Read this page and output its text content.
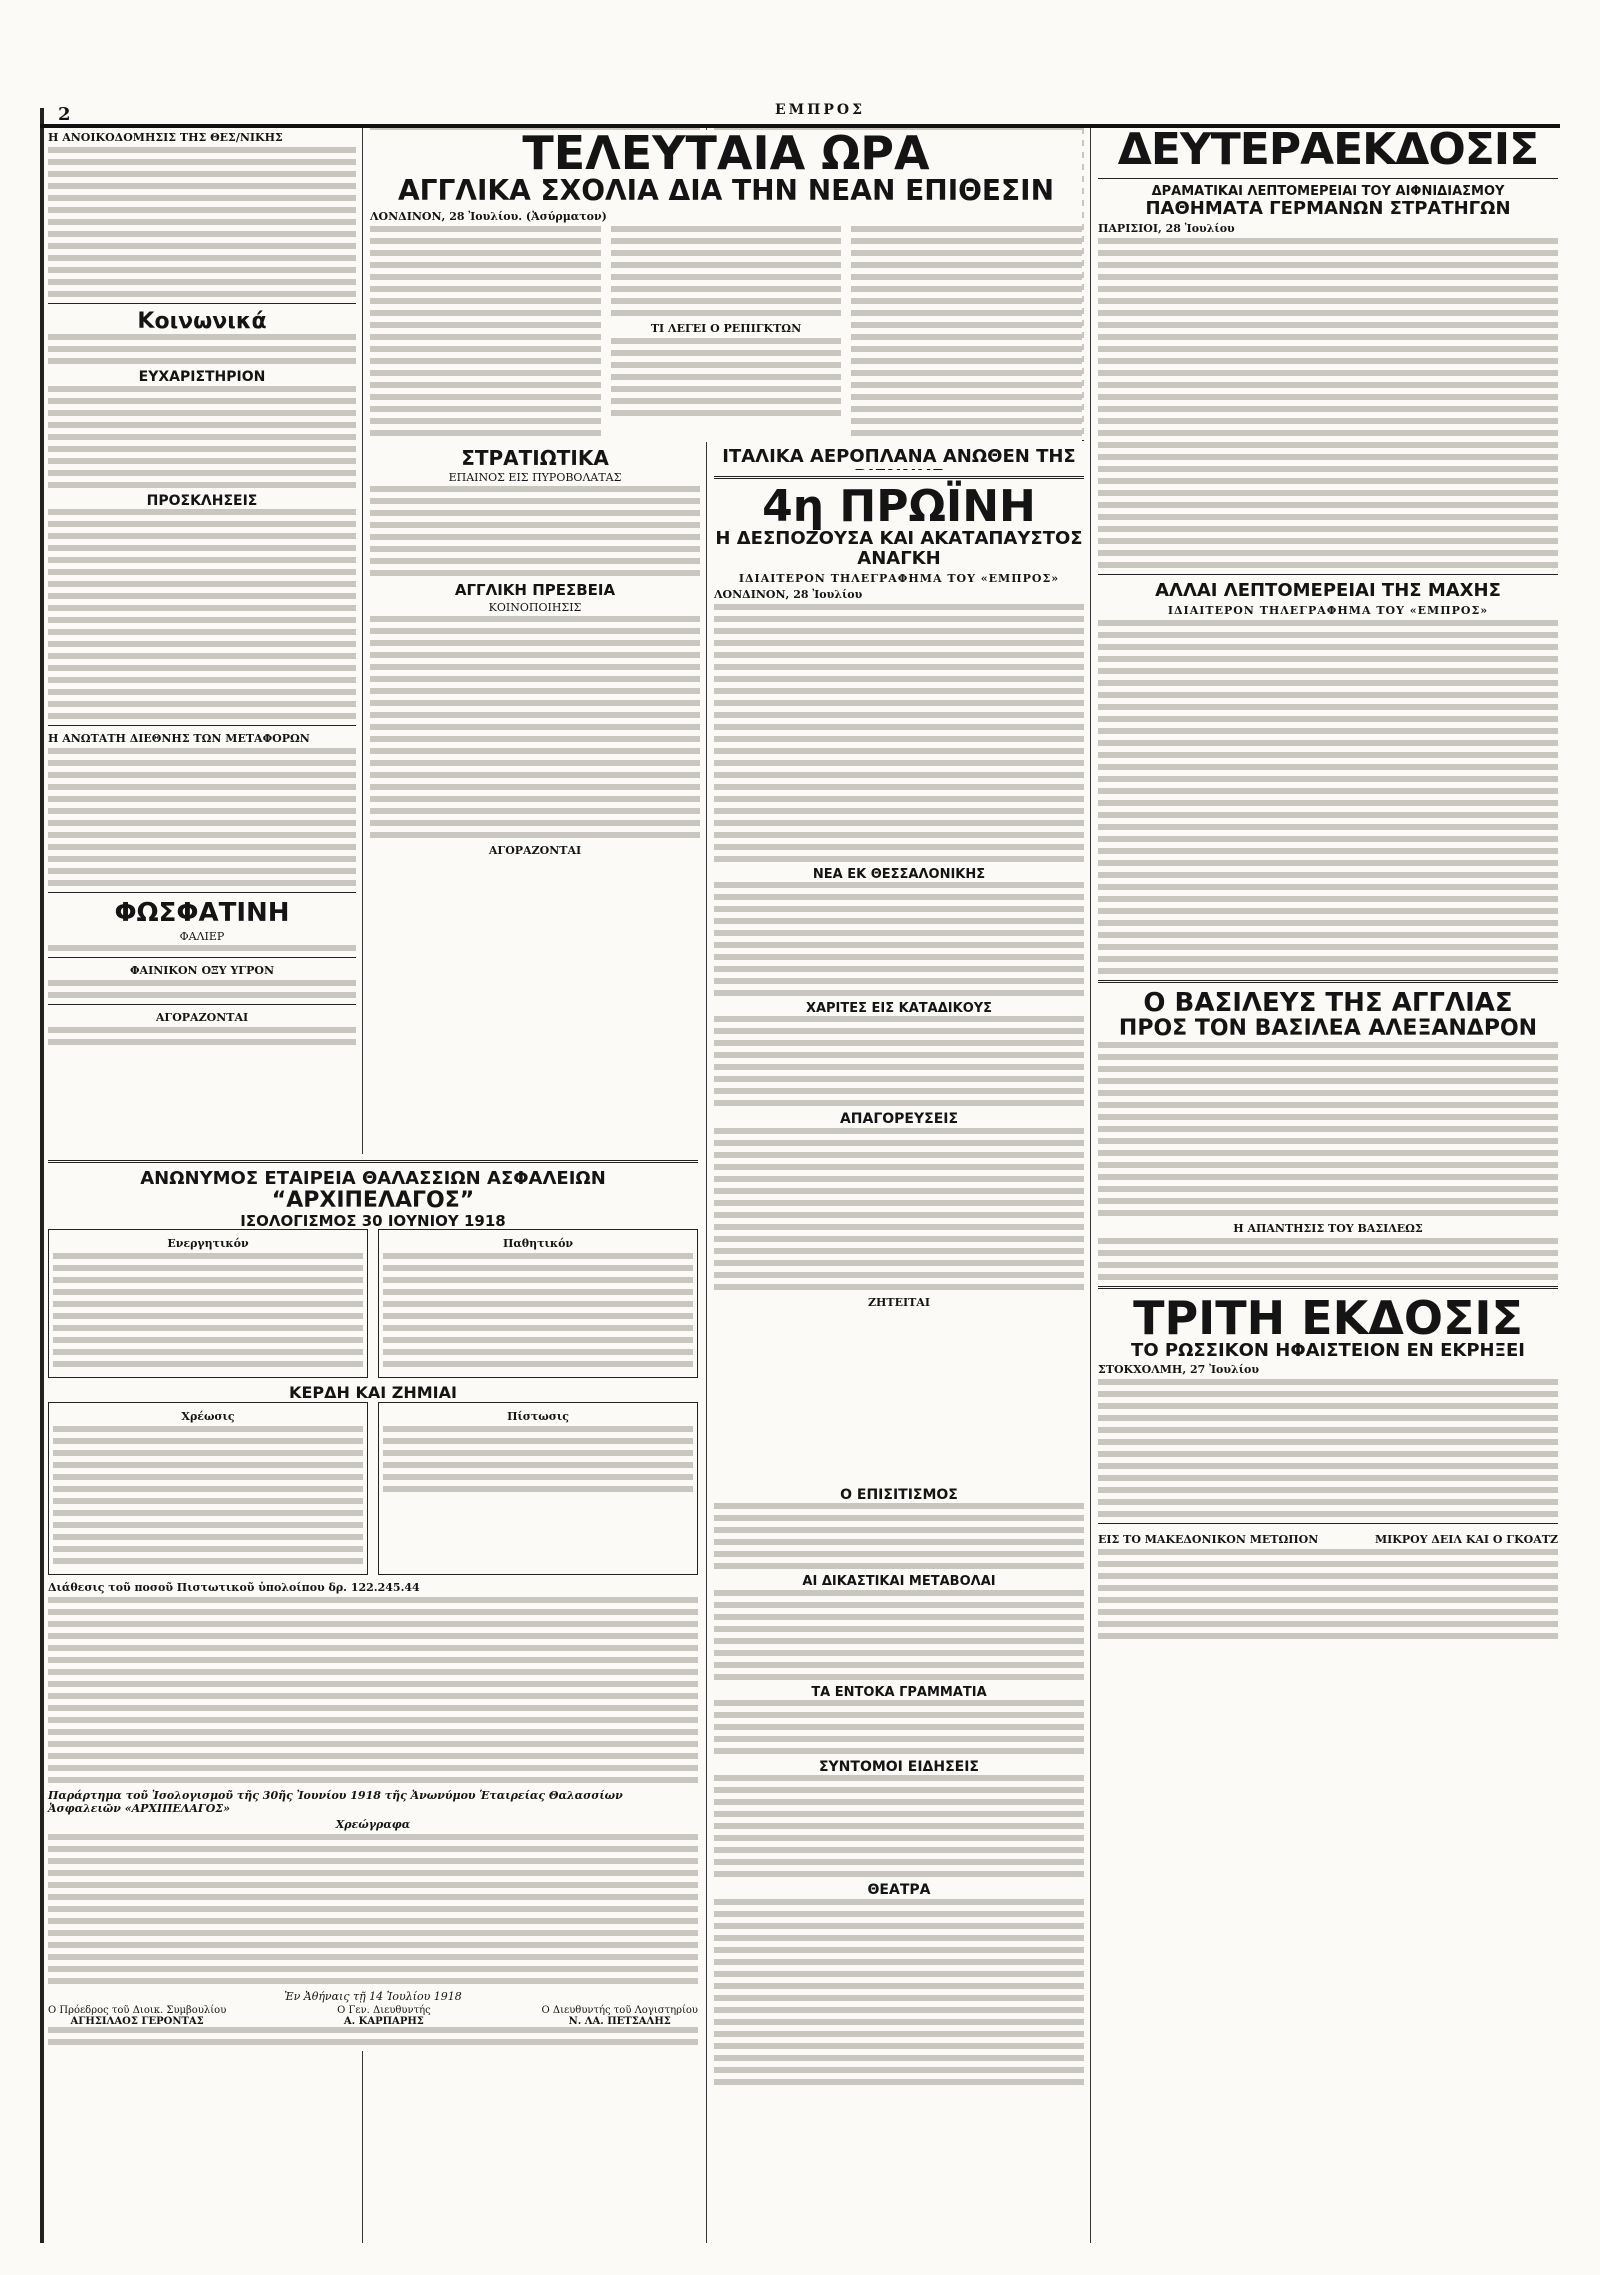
2	ΕΜΠΡΟΣ
Η ΑΝΟΙΚΟΔΟΜΗΣΙΣ ΤΗΣ ΘΕΣ/ΝΙΚΗΣ
Κοινωνικά
ΕΥΧΑΡΙΣΤΗΡΙΟΝ
ΠΡΟΣΚΛΗΣΕΙΣ
Η ΑΝΩΤΑΤΗ ΔΙΕΘΝΗΣ ΤΩΝ ΜΕΤΑΦΟΡΩΝ
ΦΩΣΦΑΤΙΝΗ
ΦΑΛΙΕΡ
ΦΑΙΝΙΚΟΝ ΟΞΥ ΥΓΡΟΝ
ΑΓΟΡΑΖΟΝΤΑΙ
ΣΤΡΑΤΙΩΤΙΚΑ
ΕΠΑΙΝΟΣ ΕΙΣ ΠΥΡΟΒΟΛΑΤΑΣ
ΑΓΓΛΙΚΗ ΠΡΕΣΒΕΙΑ
ΚΟΙΝΟΠΟΙΗΣΙΣ
ΑΓΟΡΑΖΟΝΤΑΙ
ΙΤΑΛΙΚΑ ΑΕΡΟΠΛΑΝΑ ΑΝΩΘΕΝ ΤΗΣ
ΝΕΑ ΕΚ ΘΕΣΣΑΛΟΝΙΚΗΣ
ΧΑΡΙΤΕΣ ΕΙΣ ΚΑΤΑΔΙΚΟΥΣ
ΑΠΑΓΟΡΕΥΣΕΙΣ
ΖΗΤΕΙΤΑΙ
ΔΕΥΤΕΡΑΕΚΔΟΣΙΣ
ΔΡΑΜΑΤΙΚΑΙ ΛΕΠΤΟΜΕΡΕΙΑΙ ΤΟΥ ΑΙΦΝΙΔΙΑΣΜΟΥ
ΠΑΘΗΜΑΤΑ ΓΕΡΜΑΝΩΝ ΣΤΡΑΤΗΓΩΝ
ΠΑΡΙΣΙΟΙ, 28 Ἰουλίου
ΑΛΛΑΙ ΛΕΠΤΟΜΕΡΕΙΑΙ ΤΗΣ ΜΑΧΗΣ
ΙΔΙΑΙΤΕΡΟΝ ΤΗΛΕΓΡΑΦΗΜΑ ΤΟΥ «ΕΜΠΡΟΣ»
Ο ΒΑΣΙΛΕΥΣ ΤΗΣ ΑΓΓΛΙΑΣ
ΠΡΟΣ ΤΟΝ ΒΑΣΙΛΕΑ ΑΛΕΞΑΝΔΡΟΝ
Η ΑΠΑΝΤΗΣΙΣ ΤΟΥ ΒΑΣΙΛΕΩΣ
ΤΡΙΤΗ ΕΚΔΟΣΙΣ
ΤΟ ΡΩΣΣΙΚΟΝ ΗΦΑΙΣΤΕΙΟΝ ΕΝ ΕΚΡΗΞΕΙ
ΣΤΟΚΧΟΛΜΗ, 27 Ἰουλίου
ΕΙΣ ΤΟ ΜΑΚΕΔΟΝΙΚΟΝ ΜΕΤΩΠΟΝ	ΜΙΚΡΟΥ ΔΕΙΛ ΚΑΙ Ο ΓΚΟΑΤΖ
ΤΕΛΕΥΤΑΙΑ ΩΡΑ
ΑΓΓΛΙΚΑ ΣΧΟΛΙΑ ΔΙΑ ΤΗΝ ΝΕΑΝ ΕΠΙΘΕΣΙΝ
ΛΟΝΔΙΝΟΝ, 28 Ἰουλίου. (Ἀσύρματον)
ΤΙ ΛΕΓΕΙ Ο ΡΕΠΙΓΚΤΩΝ
4η ΠΡΩΪΝΗ
Η ΔΕΣΠΟΖΟΥΣΑ ΚΑΙ ΑΚΑΤΑΠΑΥΣΤΟΣ ΑΝΑΓΚΗ
ΙΔΙΑΙΤΕΡΟΝ ΤΗΛΕΓΡΑΦΗΜΑ ΤΟΥ «ΕΜΠΡΟΣ»
ΛΟΝΔΙΝΟΝ, 28 Ἰουλίου
ΑΝΩΝΥΜΟΣ ΕΤΑΙΡΕΙΑ ΘΑΛΑΣΣΙΩΝ ΑΣΦΑΛΕΙΩΝ
“ΑΡΧΙΠΕΛΑΓΟΣ”
ΙΣΟΛΟΓΙΣΜΟΣ 30 ΙΟΥΝΙΟΥ 1918
Ενεργητικόν	Παθητικόν
ΚΕΡΔΗ ΚΑΙ ΖΗΜΙΑΙ
Χρέωσις	Πίστωσις
Διάθεσις τοῦ ποσοῦ Πιστωτικοῦ ὑπολοίπου δρ. 122.245.44
Παράρτημα τοῦ Ἰσολογισμοῦ τῆς 30ῆς Ἰουνίου 1918 τῆς Ἀνωνύμου Ἑταιρείας Θαλασσίων Ἀσφαλειῶν «ΑΡΧΙΠΕΛΑΓΟΣ»
Χρεώγραφα
Ἐν Ἀθήναις τῇ 14 Ἰουλίου 1918
Ο Πρόεδρος τοῦ Διοικ. Συμβουλίου
ΑΓΗΣΙΛΑΟΣ ΓΕΡΟΝΤΑΣ
Ο Γεν. Διευθυντής
Α. ΚΑΡΠΑΡΗΣ
Ο Διευθυντής τοῦ Λογιστηρίου
Ν. ΛΑ. ΠΕΤΣΑΛΗΣ
Ο ΕΠΙΣΙΤΙΣΜΟΣ
ΑΙ ΔΙΚΑΣΤΙΚΑΙ ΜΕΤΑΒΟΛΑΙ
ΤΑ ΕΝΤΟΚΑ ΓΡΑΜΜΑΤΙΑ
ΣΥΝΤΟΜΟΙ ΕΙΔΗΣΕΙΣ
ΘΕΑΤΡΑ
